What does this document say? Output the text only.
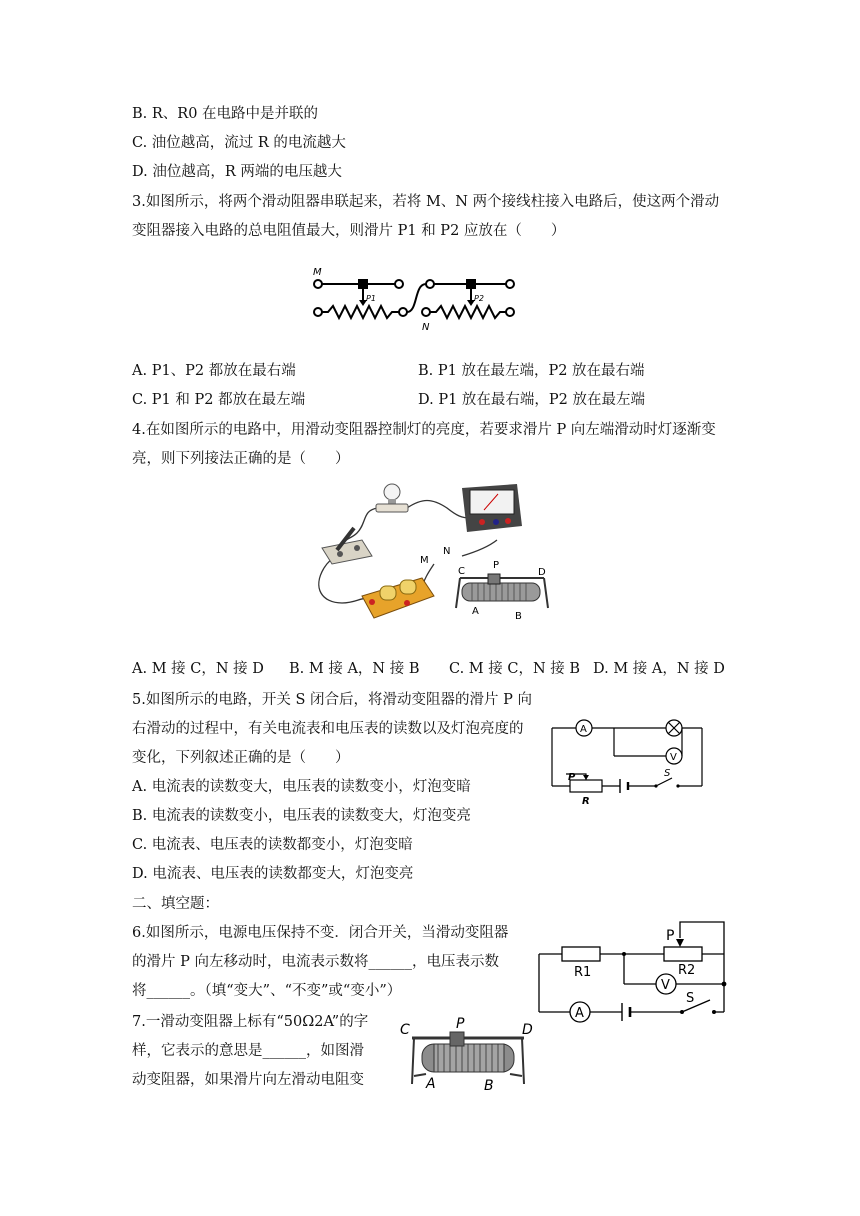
B. R、R0 在电路中是并联的
C. 油位越高，流过 R 的电流越大
D. 油位越高，R 两端的电压越大
3.如图所示，将两个滑动阻器串联起来，若将 M、N 两个接线柱接入电路后，使这两个滑动
变阻器接入电路的总电阻值最大，则滑片 P1 和 P2 应放在（　　）
M
N
P1	P2
A. P1、P2 都放在最右端	B. P1 放在最左端，P2 放在最右端
C. P1 和 P2 都放在最左端	D. P1 放在最右端，P2 放在最左端
4.在如图所示的电路中，用滑动变阻器控制灯的亮度，若要求滑片 P 向左端滑动时灯逐渐变
亮，则下列接法正确的是（　　）
M
N
C
P
D
A	B
A. M 接 C，N 接 D B. M 接 A，N 接 B C. M 接 C，N 接 B D. M 接 A，N 接 D
5.如图所示的电路，开关 S 闭合后，将滑动变阻器的滑片 P 向
右滑动的过程中，有关电流表和电压表的读数以及灯泡亮度的
变化，下列叙述正确的是（　　）
A. 电流表的读数变大，电压表的读数变小，灯泡变暗
B. 电流表的读数变小，电压表的读数变大，灯泡变亮
C. 电流表、电压表的读数都变小，灯泡变暗
D. 电流表、电压表的读数都变大，灯泡变亮
A
V
P
R
S
二、填空题：
6.如图所示，电源电压保持不变．闭合开关，当滑动变阻器
的滑片 P 向左移动时，电流表示数将______，电压表示数
将______。（填“变大”、“不变”或“变小”）
P
R1	R2
V
S
A
7.一滑动变阻器上标有“50Ω2A”的字
样，它表示的意思是______，如图滑
动变阻器，如果滑片向左滑动电阻变
C	P	D
A	B
